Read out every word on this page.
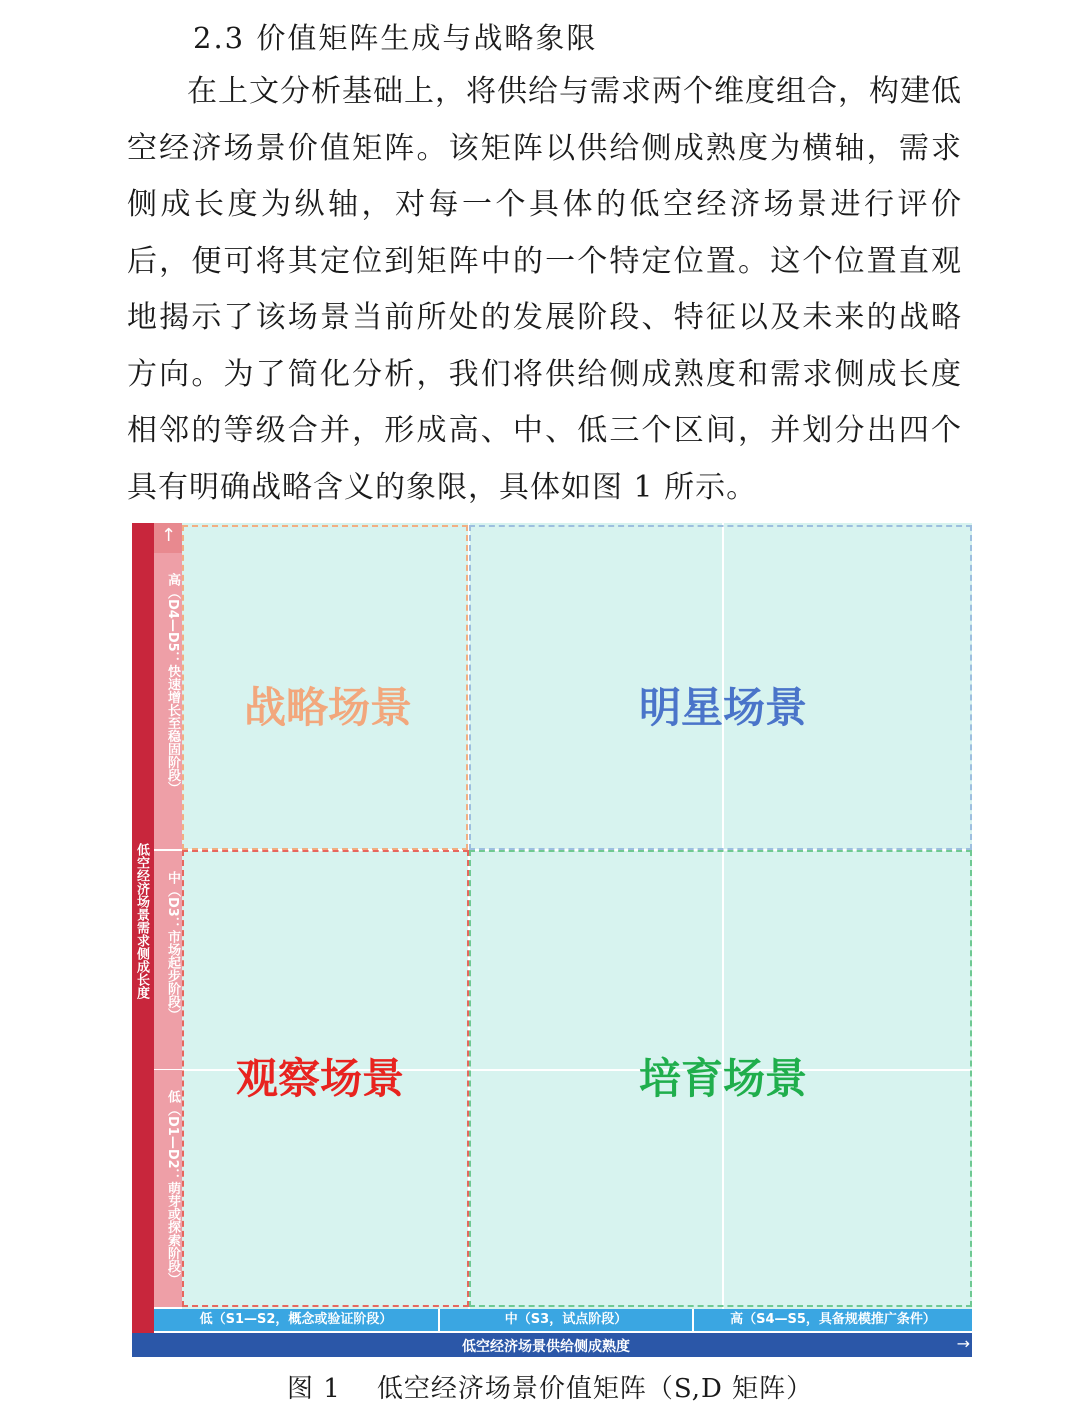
2.3 价值矩阵生成与战略象限

在上文分析基础上，将供给与需求两个维度组合，构建低空经济场景价值矩阵。该矩阵以供给侧成熟度为横轴，需求侧成长度为纵轴，对每一个具体的低空经济场景进行评价后，便可将其定位到矩阵中的一个特定位置。这个位置直观地揭示了该场景当前所处的发展阶段、特征以及未来的战略方向。为了简化分析，我们将供给侧成熟度和需求侧成长度相邻的等级合并，形成高、中、低三个区间，并划分出四个具有明确战略含义的象限，具体如图 1 所示。

低空经济场景需求侧成长度
↑
高（D4—D5：快速增长至稳固阶段）
中（D3：市场起步阶段）
低（D1—D2：萌芽或探索阶段）
战略场景	明星场景
观察场景	培育场景
低（S1—S2，概念或验证阶段）	中（S3，试点阶段）	高（S4—S5，具备规模推广条件）
低空经济场景供给侧成熟度	→
图 1 低空经济场景价值矩阵（S,D 矩阵）
